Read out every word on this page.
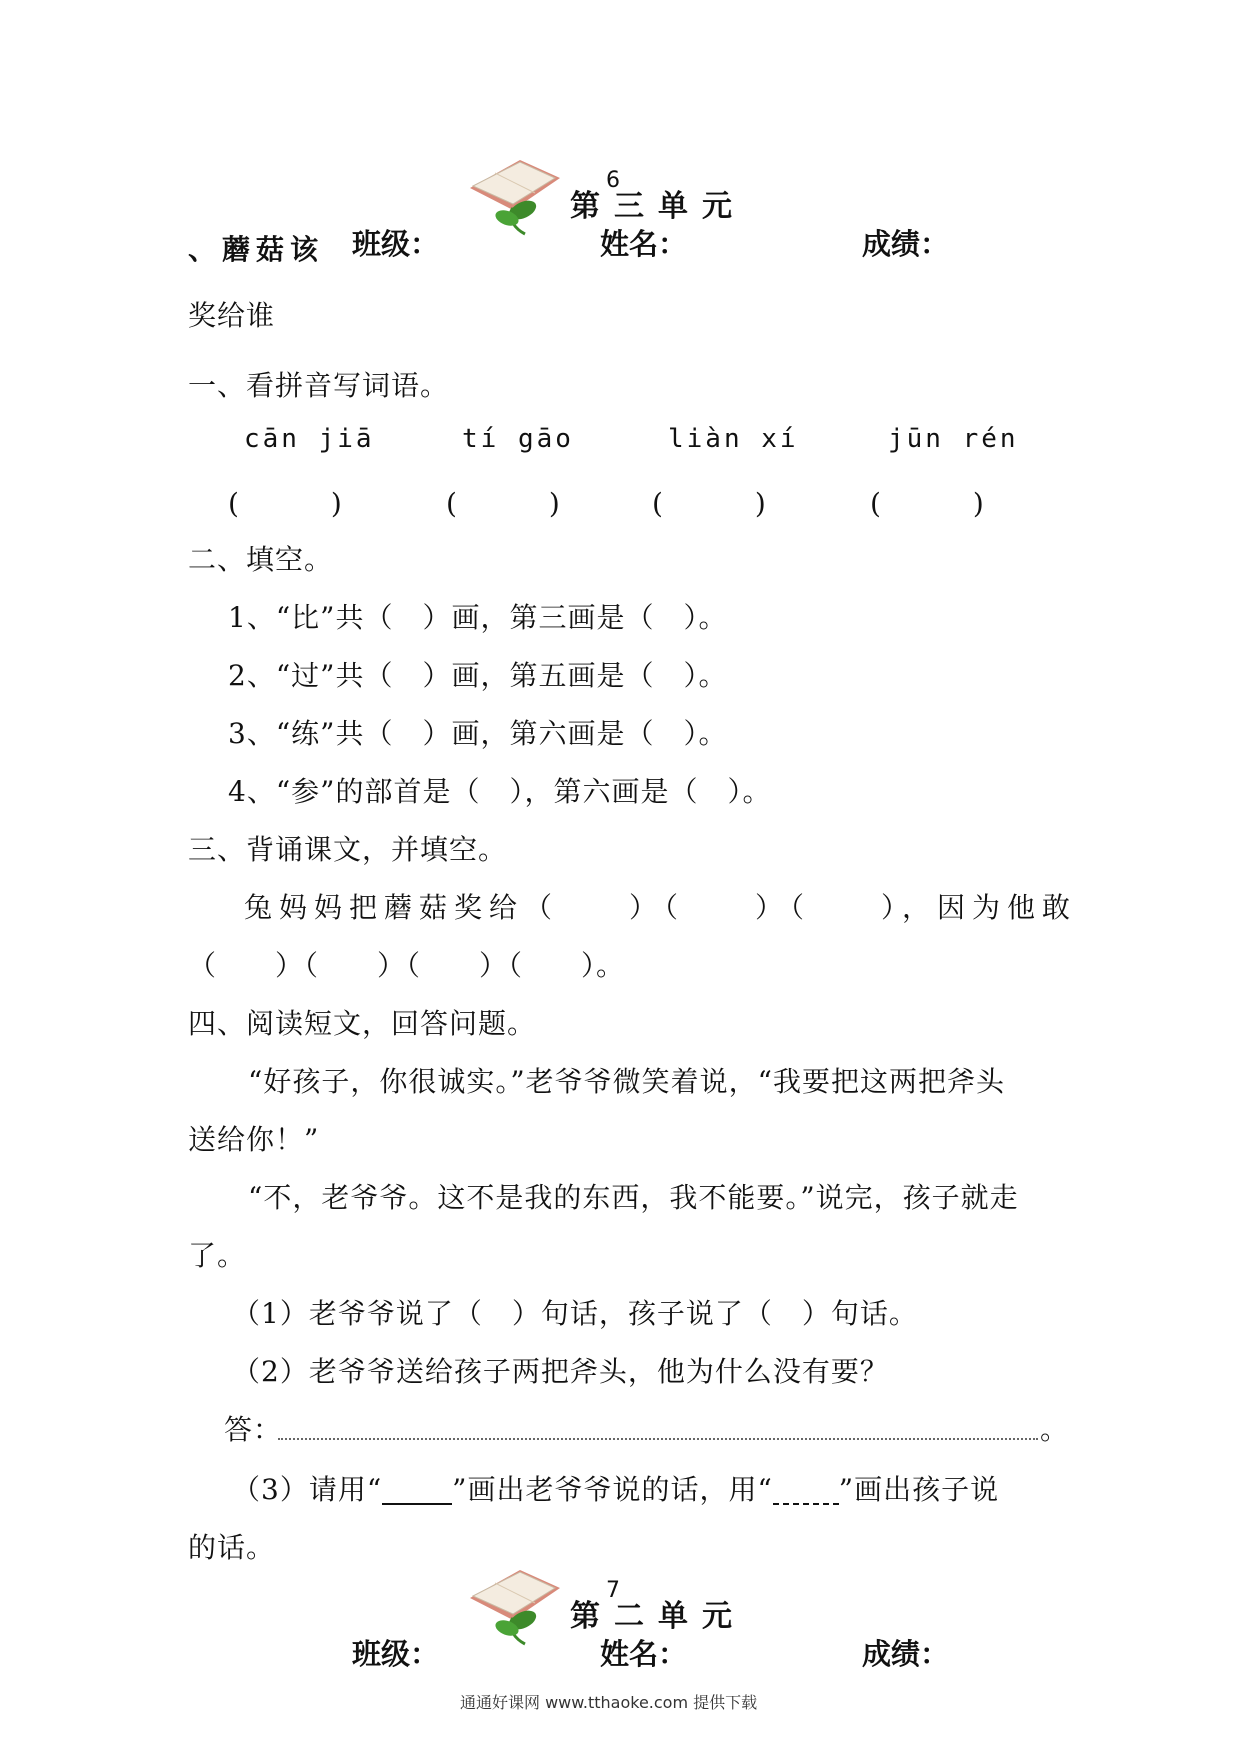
6
第三单元
、蘑菇该 班级：	姓名：	成绩：
奖给谁
一、看拼音写词语。
cān jiā	tí gāo	liàn xí	jūn rén
(　　　)	(　　　)	(　　　)	(　　　)
二、填空。
1、“比”共（　）画，第三画是（　）。
2、“过”共（　）画，第五画是（　）。
3、“练”共（　）画，第六画是（　）。
4、“参”的部首是（　），第六画是（　）。
三、背诵课文，并填空。
兔妈妈把蘑菇奖给（　　）（　　）（　　），因为他敢
（　　）（　　）（　　）（　　）。
四、阅读短文，回答问题。
“好孩子，你很诚实。”老爷爷微笑着说，“我要把这两把斧头
送给你！”
“不，老爷爷。这不是我的东西，我不能要。”说完，孩子就走
了。
（1）老爷爷说了（　）句话，孩子说了（　）句话。
（2）老爷爷送给孩子两把斧头，他为什么没有要？
答：	。
（3）请用“	”画出老爷爷说的话，用“ ”画出孩子说
的话。
7
第二单元
班级：	姓名：	成绩：
通通好课网 www.tthaoke.com 提供下载
